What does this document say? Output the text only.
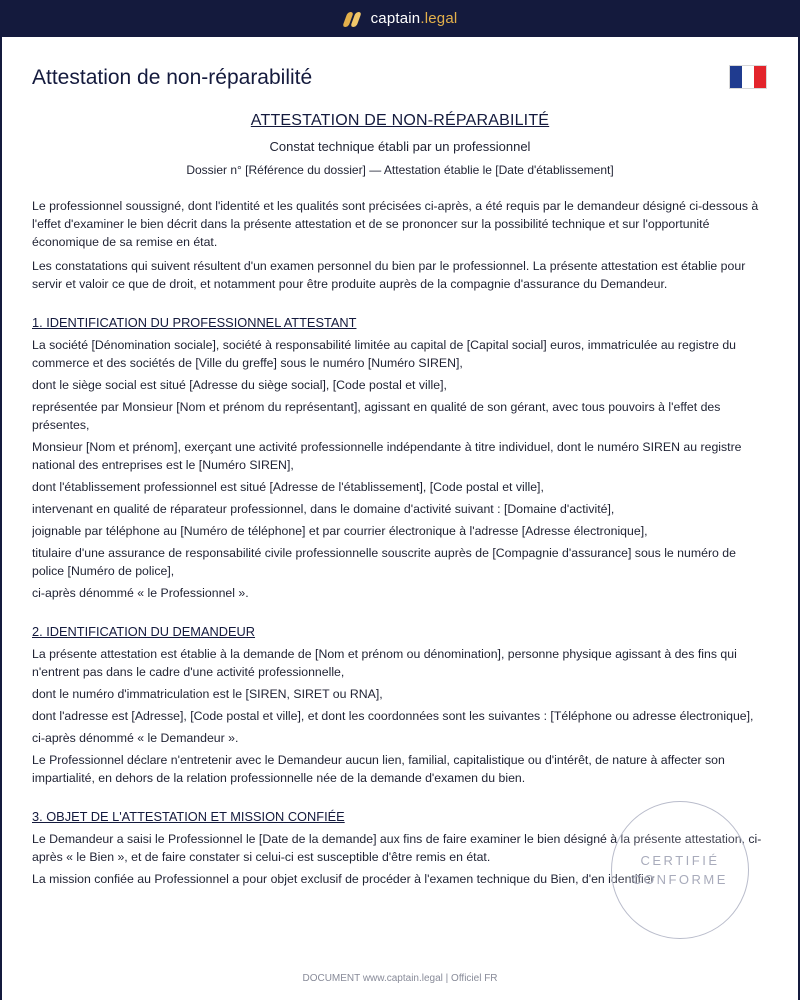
captain.legal
Attestation de non-réparabilité
ATTESTATION DE NON-RÉPARABILITÉ
Constat technique établi par un professionnel
Dossier n° [Référence du dossier] — Attestation établie le [Date d'établissement]

Le professionnel soussigné, dont l'identité et les qualités sont précisées ci-après, a été requis par le demandeur désigné ci-dessous à l'effet d'examiner le bien décrit dans la présente attestation et de se prononcer sur la possibilité technique et sur l'opportunité économique de sa remise en état.

Les constatations qui suivent résultent d'un examen personnel du bien par le professionnel. La présente attestation est établie pour servir et valoir ce que de droit, et notamment pour être produite auprès de la compagnie d'assurance du Demandeur.

1. IDENTIFICATION DU PROFESSIONNEL ATTESTANT

La société [Dénomination sociale], société à responsabilité limitée au capital de [Capital social] euros, immatriculée au registre du commerce et des sociétés de [Ville du greffe] sous le numéro [Numéro SIREN],

dont le siège social est situé [Adresse du siège social], [Code postal et ville],

représentée par Monsieur [Nom et prénom du représentant], agissant en qualité de son gérant, avec tous pouvoirs à l'effet des présentes,

Monsieur [Nom et prénom], exerçant une activité professionnelle indépendante à titre individuel, dont le numéro SIREN au registre national des entreprises est le [Numéro SIREN],

dont l'établissement professionnel est situé [Adresse de l'établissement], [Code postal et ville],

intervenant en qualité de réparateur professionnel, dans le domaine d'activité suivant : [Domaine d'activité],

joignable par téléphone au [Numéro de téléphone] et par courrier électronique à l'adresse [Adresse électronique],

titulaire d'une assurance de responsabilité civile professionnelle souscrite auprès de [Compagnie d'assurance] sous le numéro de police [Numéro de police],

ci-après dénommé « le Professionnel ».

2. IDENTIFICATION DU DEMANDEUR

La présente attestation est établie à la demande de [Nom et prénom ou dénomination], personne physique agissant à des fins qui n'entrent pas dans le cadre d'une activité professionnelle,

dont le numéro d'immatriculation est le [SIREN, SIRET ou RNA],

dont l'adresse est [Adresse], [Code postal et ville], et dont les coordonnées sont les suivantes : [Téléphone ou adresse électronique],

ci-après dénommé « le Demandeur ».

Le Professionnel déclare n'entretenir avec le Demandeur aucun lien, familial, capitalistique ou d'intérêt, de nature à affecter son impartialité, en dehors de la relation professionnelle née de la demande d'examen du bien.

3. OBJET DE L'ATTESTATION ET MISSION CONFIÉE

Le Demandeur a saisi le Professionnel le [Date de la demande] aux fins de faire examiner le bien désigné à la présente attestation, ci-après « le Bien », et de faire constater si celui-ci est susceptible d'être remis en état.

La mission confiée au Professionnel a pour objet exclusif de procéder à l'examen technique du Bien, d'en identifier

CERTIFIÉ
CONFORME
DOCUMENT www.captain.legal | Officiel FR
